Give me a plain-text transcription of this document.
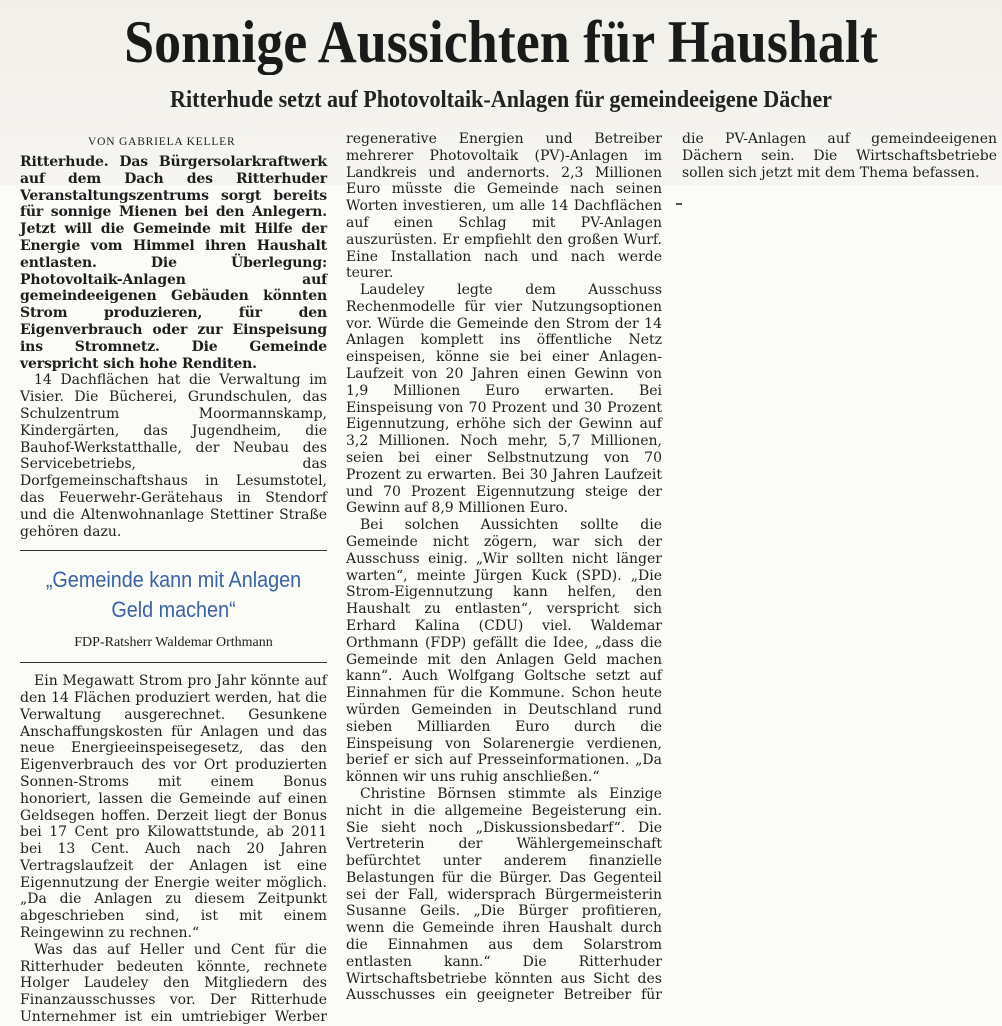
Sonnige Aussichten für Haushalt
Ritterhude setzt auf Photovoltaik-Anlagen für gemeindeeigene Dächer
VON GABRIELA KELLER

Ritterhude. Das Bürgersolarkraftwerk auf dem Dach des Ritterhuder Veranstaltungszentrums sorgt bereits für sonnige Mienen bei den Anlegern. Jetzt will die Gemeinde mit Hilfe der Energie vom Himmel ihren Haushalt entlasten. Die Überlegung: Photovoltaik-Anlagen auf gemeindeeigenen Gebäuden könnten Strom produzieren, für den Eigenverbrauch oder zur Einspeisung ins Stromnetz. Die Gemeinde verspricht sich hohe Renditen.

14 Dachflächen hat die Verwaltung im Visier. Die Bücherei, Grundschulen, das Schulzentrum Moormannskamp, Kindergärten, das Jugendheim, die Bauhof-Werkstatthalle, der Neubau des Servicebetriebs, das Dorfgemeinschaftshaus in Lesumstotel, das Feuerwehr-Gerätehaus in Stendorf und die Altenwohnanlage Stettiner Straße gehören dazu.

„Gemeinde kann mit Anlagen Geld machen“
FDP-Ratsherr Waldemar Orthmann

Ein Megawatt Strom pro Jahr könnte auf den 14 Flächen produziert werden, hat die Verwaltung ausgerechnet. Gesunkene Anschaffungskosten für Anlagen und das neue Energieeinspeisegesetz, das den Eigenverbrauch des vor Ort produzierten Sonnen-Stroms mit einem Bonus honoriert, lassen die Gemeinde auf einen Geldsegen hoffen. Derzeit liegt der Bonus bei 17 Cent pro Kilowattstunde, ab 2011 bei 13 Cent. Auch nach 20 Jahren Vertragslaufzeit der Anlagen ist eine Eigennutzung der Energie weiter möglich. „Da die Anlagen zu diesem Zeitpunkt abgeschrieben sind, ist mit einem Reingewinn zu rechnen.“

Was das auf Heller und Cent für die Ritterhuder bedeuten könnte, rechnete Holger Laudeley den Mitgliedern des Finanzausschusses vor. Der Ritterhude Unternehmer ist ein umtriebiger Werber

regenerative Energien und Betreiber mehrerer Photovoltaik (PV)-Anlagen im Landkreis und andernorts. 2,3 Millionen Euro müsste die Gemeinde nach seinen Worten investieren, um alle 14 Dachflächen auf einen Schlag mit PV-Anlagen auszurüsten. Er empfiehlt den großen Wurf. Eine Installation nach und nach werde teurer.

Laudeley legte dem Ausschuss Rechenmodelle für vier Nutzungsoptionen vor. Würde die Gemeinde den Strom der 14 Anlagen komplett ins öffentliche Netz einspeisen, könne sie bei einer Anlagen-Laufzeit von 20 Jahren einen Gewinn von 1,9 Millionen Euro erwarten. Bei Einspeisung von 70 Prozent und 30 Prozent Eigennutzung, erhöhe sich der Gewinn auf 3,2 Millionen. Noch mehr, 5,7 Millionen, seien bei einer Selbstnutzung von 70 Prozent zu erwarten. Bei 30 Jahren Laufzeit und 70 Prozent Eigennutzung steige der Gewinn auf 8,9 Millionen Euro.

Bei solchen Aussichten sollte die Gemeinde nicht zögern, war sich der Ausschuss einig. „Wir sollten nicht länger warten“, meinte Jürgen Kuck (SPD). „Die Strom-Eigennutzung kann helfen, den Haushalt zu entlasten“, verspricht sich Erhard Kalina (CDU) viel. Waldemar Orthmann (FDP) gefällt die Idee, „dass die Gemeinde mit den Anlagen Geld machen kann“. Auch Wolfgang Goltsche setzt auf Einnahmen für die Kommune. Schon heute würden Gemeinden in Deutschland rund sieben Milliarden Euro durch die Einspeisung von Solarenergie verdienen, berief er sich auf Presseinformationen. „Da können wir uns ruhig anschließen.“

Christine Börnsen stimmte als Einzige nicht in die allgemeine Begeisterung ein. Sie sieht noch „Diskussionsbedarf“. Die Vertreterin der Wählergemeinschaft befürchtet unter anderem finanzielle Belastungen für die Bürger. Das Gegenteil sei der Fall, widersprach Bürgermeisterin Susanne Geils. „Die Bürger profitieren, wenn die Gemeinde ihren Haushalt durch die Einnahmen aus dem Solarstrom entlasten kann.“ Die Ritterhuder Wirtschaftsbetriebe könnten aus Sicht des Ausschusses ein geeigneter Betreiber für

die PV-Anlagen auf gemeindeeigenen Dächern sein. Die Wirtschaftsbetriebe sollen sich jetzt mit dem Thema befassen.
